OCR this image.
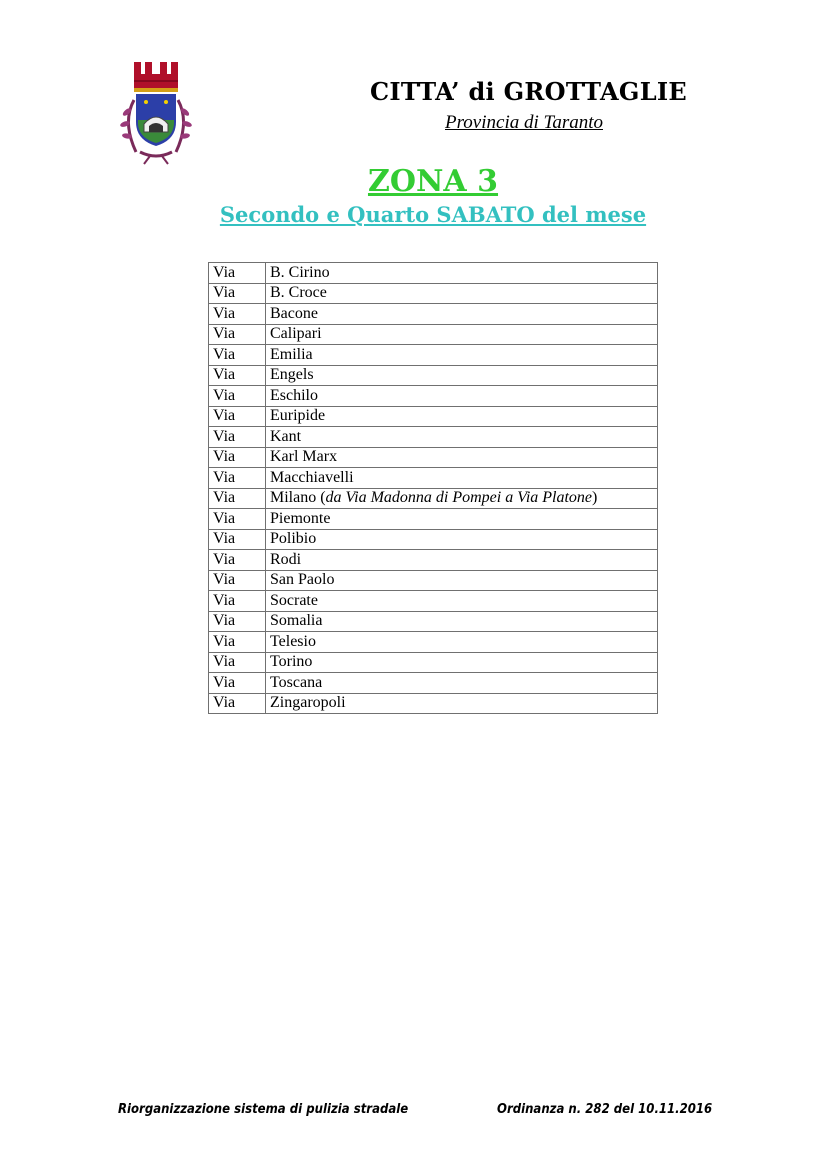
CITTA’ di GROTTAGLIE
Provincia di Taranto
ZONA 3
Secondo e Quarto SABATO del mese
Via	B. Cirino
Via	B. Croce
Via	Bacone
Via	Calipari
Via	Emilia
Via	Engels
Via	Eschilo
Via	Euripide
Via	Kant
Via	Karl Marx
Via	Macchiavelli
Via	Milano (da Via Madonna di Pompei a Via Platone)
Via	Piemonte
Via	Polibio
Via	Rodi
Via	San Paolo
Via	Socrate
Via	Somalia
Via	Telesio
Via	Torino
Via	Toscana
Via	Zingaropoli
Riorganizzazione sistema di pulizia stradale	Ordinanza n. 282 del 10.11.2016
